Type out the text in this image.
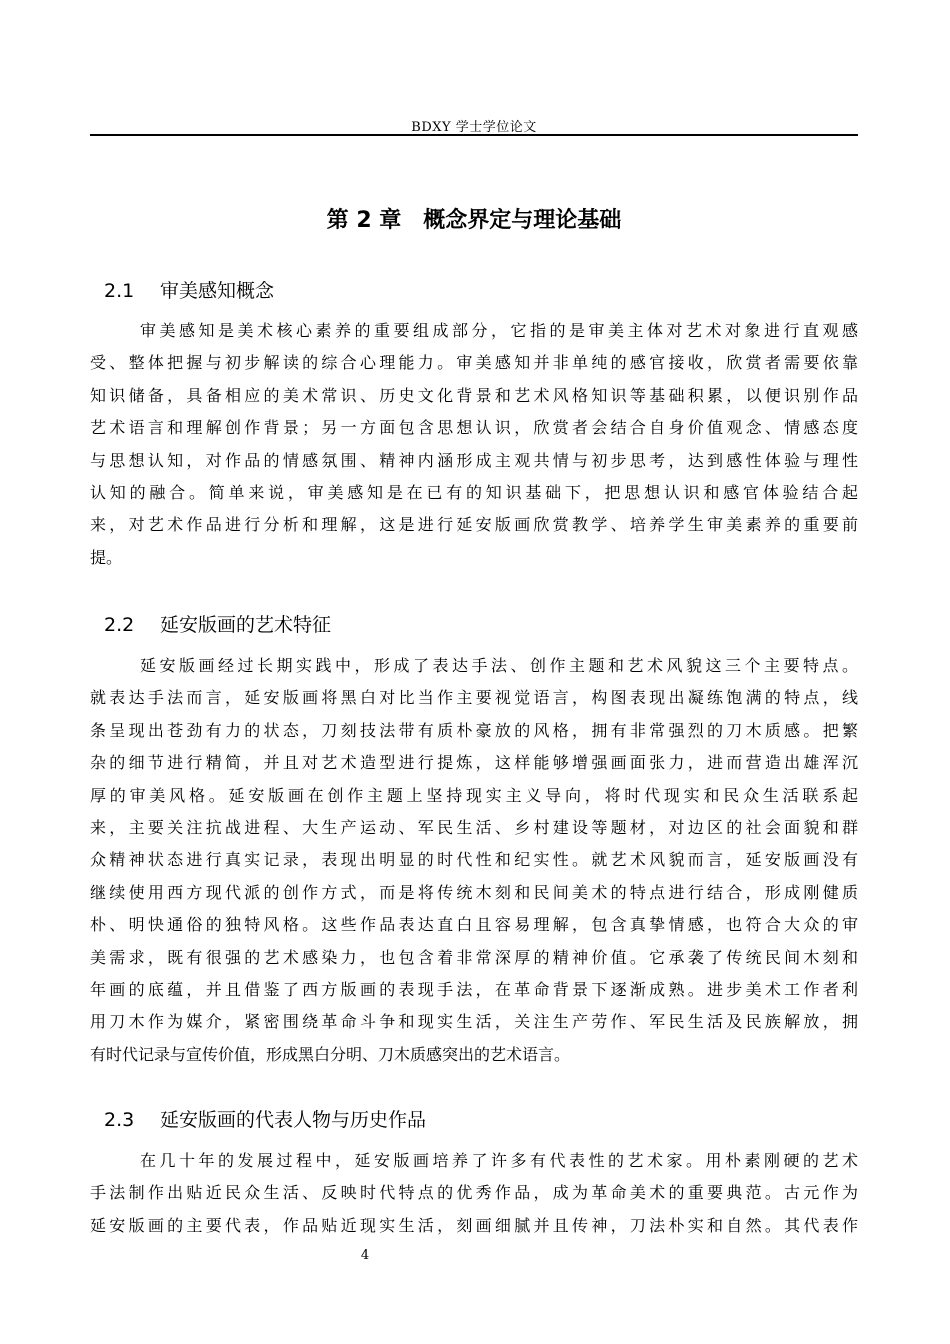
BDXY 学士学位论文
第 2 章　概念界定与理论基础
2.1 审美感知概念
审美感知是美术核心素养的重要组成部分，它指的是审美主体对艺术对象进行直观感
受、整体把握与初步解读的综合心理能力。审美感知并非单纯的感官接收，欣赏者需要依靠
知识储备，具备相应的美术常识、历史文化背景和艺术风格知识等基础积累，以便识别作品
艺术语言和理解创作背景；另一方面包含思想认识，欣赏者会结合自身价值观念、情感态度
与思想认知，对作品的情感氛围、精神内涵形成主观共情与初步思考，达到感性体验与理性
认知的融合。简单来说，审美感知是在已有的知识基础下，把思想认识和感官体验结合起
来，对艺术作品进行分析和理解，这是进行延安版画欣赏教学、培养学生审美素养的重要前
提。
2.2 延安版画的艺术特征
延安版画经过长期实践中，形成了表达手法、创作主题和艺术风貌这三个主要特点。
就表达手法而言，延安版画将黑白对比当作主要视觉语言，构图表现出凝练饱满的特点，线
条呈现出苍劲有力的状态，刀刻技法带有质朴豪放的风格，拥有非常强烈的刀木质感。把繁
杂的细节进行精简，并且对艺术造型进行提炼，这样能够增强画面张力，进而营造出雄浑沉
厚的审美风格。延安版画在创作主题上坚持现实主义导向，将时代现实和民众生活联系起
来，主要关注抗战进程、大生产运动、军民生活、乡村建设等题材，对边区的社会面貌和群
众精神状态进行真实记录，表现出明显的时代性和纪实性。就艺术风貌而言，延安版画没有
继续使用西方现代派的创作方式，而是将传统木刻和民间美术的特点进行结合，形成刚健质
朴、明快通俗的独特风格。这些作品表达直白且容易理解，包含真挚情感，也符合大众的审
美需求，既有很强的艺术感染力，也包含着非常深厚的精神价值。它承袭了传统民间木刻和
年画的底蕴，并且借鉴了西方版画的表现手法，在革命背景下逐渐成熟。进步美术工作者利
用刀木作为媒介，紧密围绕革命斗争和现实生活，关注生产劳作、军民生活及民族解放，拥
有时代记录与宣传价值，形成黑白分明、刀木质感突出的艺术语言。
2.3 延安版画的代表人物与历史作品
在几十年的发展过程中，延安版画培养了许多有代表性的艺术家。用朴素刚硬的艺术
手法制作出贴近民众生活、反映时代特点的优秀作品，成为革命美术的重要典范。古元作为
延安版画的主要代表，作品贴近现实生活，刻画细腻并且传神，刀法朴实和自然。其代表作
4
